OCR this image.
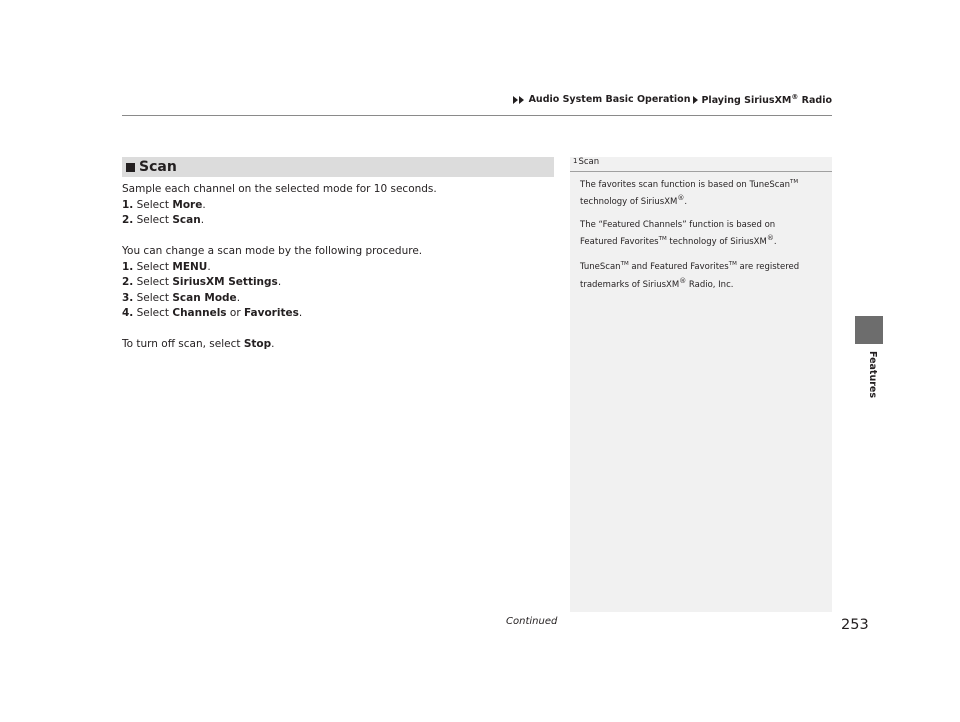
Audio System Basic Operation Playing SiriusXM® Radio
Scan

Sample each channel on the selected mode for 10 seconds.

1. Select More.

2. Select Scan.

You can change a scan mode by the following procedure.

1. Select MENU.

2. Select SiriusXM Settings.

3. Select Scan Mode.

4. Select Channels or Favorites.

To turn off scan, select Stop.

1 Scan

The favorites scan function is based on TuneScan™
technology of SiriusXM®.

The “Featured Channels” function is based on
Featured Favorites™ technology of SiriusXM®.

TuneScan™ and Featured Favorites™ are registered
trademarks of SiriusXM® Radio, Inc.

Features
Continued	253
